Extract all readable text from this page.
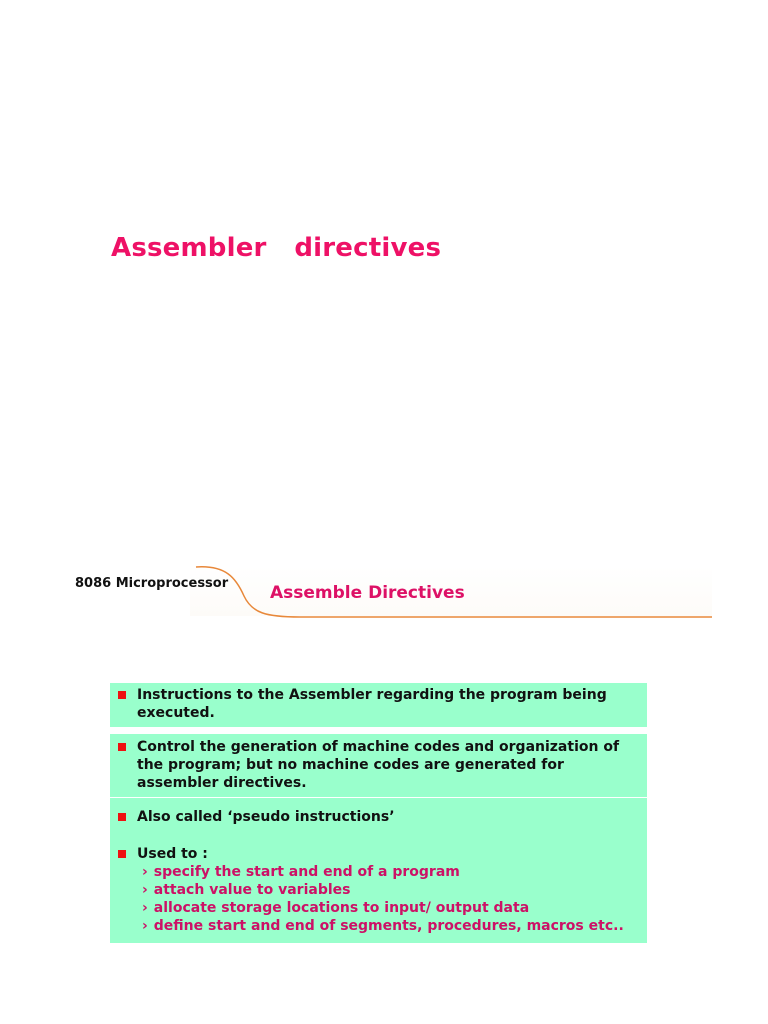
Assembler   directives
8086 Microprocessor Assemble Directives
Instructions to the Assembler regarding the program being executed.
Control the generation of machine codes and organization of the program; but no machine codes are generated for assembler directives.
Also called ‘pseudo instructions’
Used to :
› specify the start and end of a program
› attach value to variables
› allocate storage locations to input/ output data
› define start and end of segments, procedures, macros etc..
